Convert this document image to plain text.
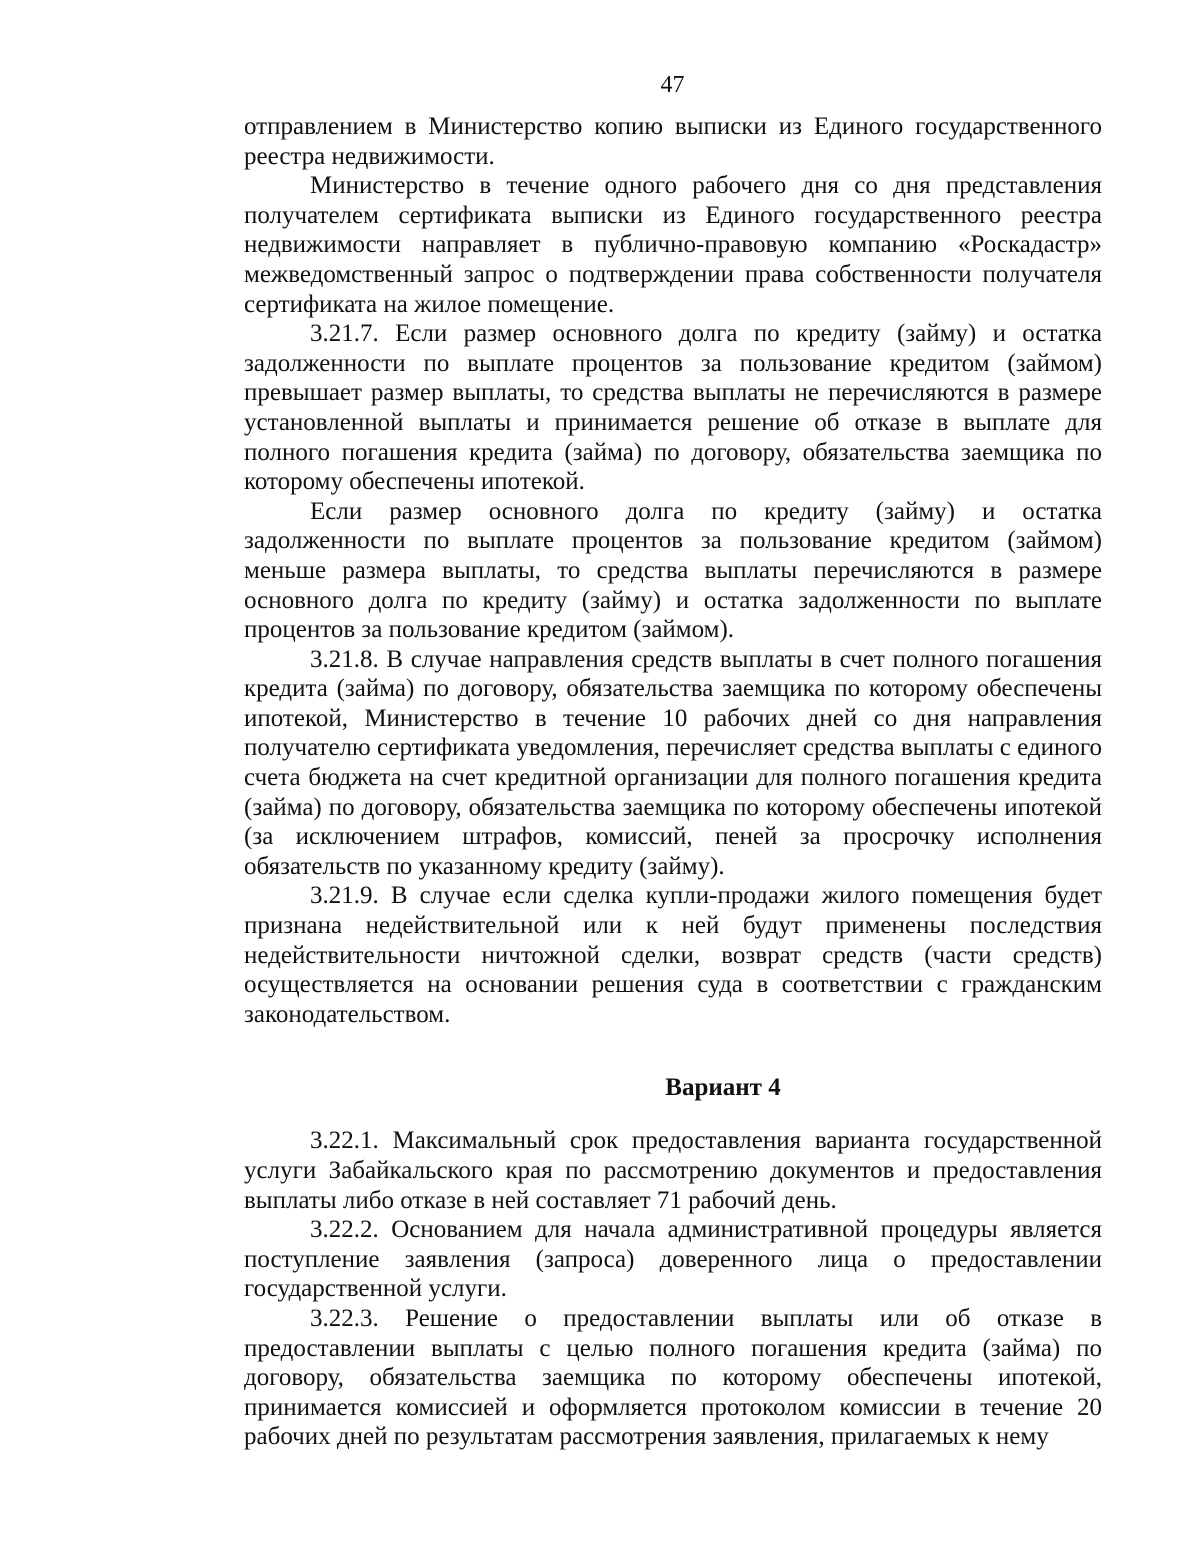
47

отправлением в Министерство копию выписки из Единого государственного реестра недвижимости.

Министерство в течение одного рабочего дня со дня представления получателем сертификата выписки из Единого государственного реестра недвижимости направляет в публично-правовую компанию «Роскадастр» межведомственный запрос о подтверждении права собственности получателя сертификата на жилое помещение.

3.21.7. Если размер основного долга по кредиту (займу) и остатка задолженности по выплате процентов за пользование кредитом (займом) превышает размер выплаты, то средства выплаты не перечисляются в размере установленной выплаты и принимается решение об отказе в выплате для полного погашения кредита (займа) по договору, обязательства заемщика по которому обеспечены ипотекой.

Если размер основного долга по кредиту (займу) и остатка задолженности по выплате процентов за пользование кредитом (займом) меньше размера выплаты, то средства выплаты перечисляются в размере основного долга по кредиту (займу) и остатка задолженности по выплате процентов за пользование кредитом (займом).

3.21.8. В случае направления средств выплаты в счет полного погашения кредита (займа) по договору, обязательства заемщика по которому обеспечены ипотекой, Министерство в течение 10 рабочих дней со дня направления получателю сертификата уведомления, перечисляет средства выплаты с единого счета бюджета на счет кредитной организации для полного погашения кредита (займа) по договору, обязательства заемщика по которому обеспечены ипотекой (за исключением штрафов, комиссий, пеней за просрочку исполнения обязательств по указанному кредиту (займу).

3.21.9. В случае если сделка купли-продажи жилого помещения будет признана недействительной или к ней будут применены последствия недействительности ничтожной сделки, возврат средств (части средств) осуществляется на основании решения суда в соответствии с гражданским законодательством.

Вариант 4

3.22.1. Максимальный срок предоставления варианта государственной услуги Забайкальского края по рассмотрению документов и предоставления выплаты либо отказе в ней составляет 71 рабочий день.

3.22.2. Основанием для начала административной процедуры является поступление заявления (запроса) доверенного лица о предоставлении государственной услуги.

3.22.3. Решение о предоставлении выплаты или об отказе в предоставлении выплаты с целью полного погашения кредита (займа) по договору, обязательства заемщика по которому обеспечены ипотекой, принимается комиссией и оформляется протоколом комиссии в течение 20 рабочих дней по результатам рассмотрения заявления, прилагаемых к нему
